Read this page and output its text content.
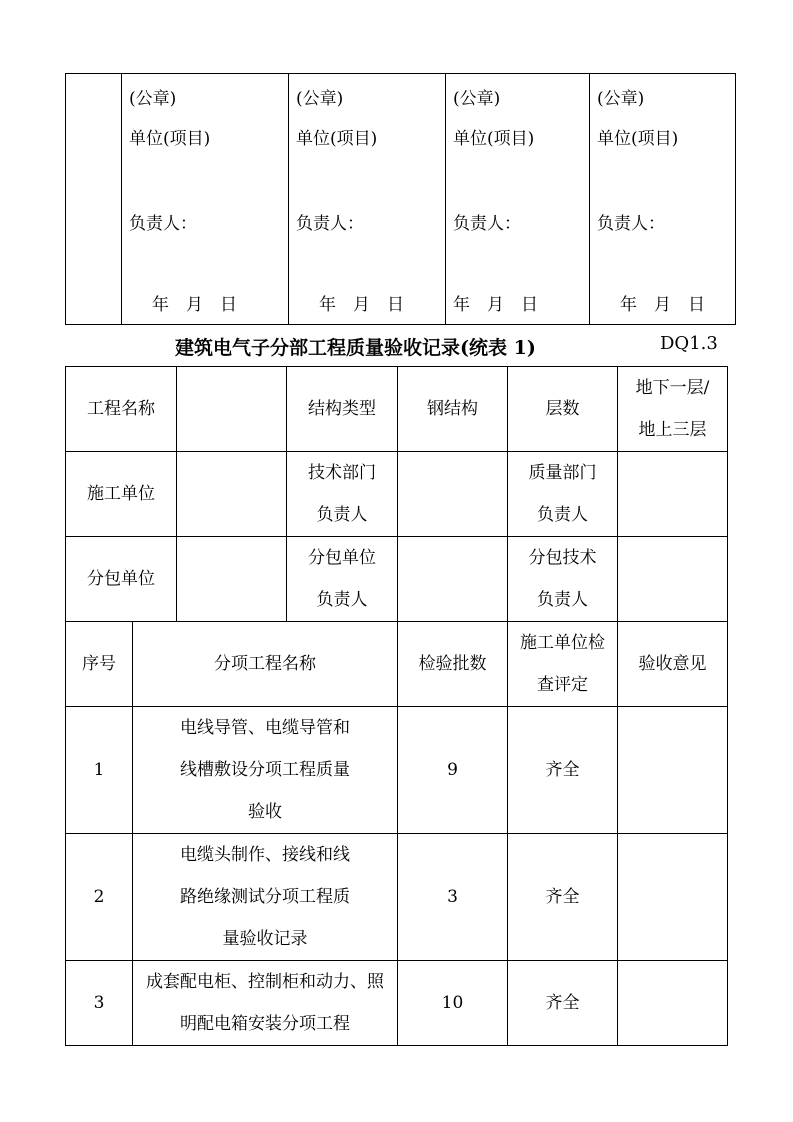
(公章)
单位(项目)
负责人：
年　月　日

(公章)
单位(项目)
负责人：
年　月　日

(公章)
单位(项目)
负责人：
年　月　日

(公章)
单位(项目)
负责人：
年　月　日
建筑电气子分部工程质量验收记录(统表 1)	DQ1.3
工程名称			结构类型	钢结构	层数	地下一层/地上三层
施工单位			技术部门负责人		质量部门负责人	
分包单位			分包单位负责人		分包技术负责人	
序号	分项工程名称			检验批数	施工单位检查评定	验收意见
1	电线导管、电缆导管和线槽敷设分项工程质量验收			9	齐全	
2	电缆头制作、接线和线路绝缘测试分项工程质量验收记录			3	齐全	
3	成套配电柜、控制柜和动力、照明配电箱安装分项工程			10	齐全	
